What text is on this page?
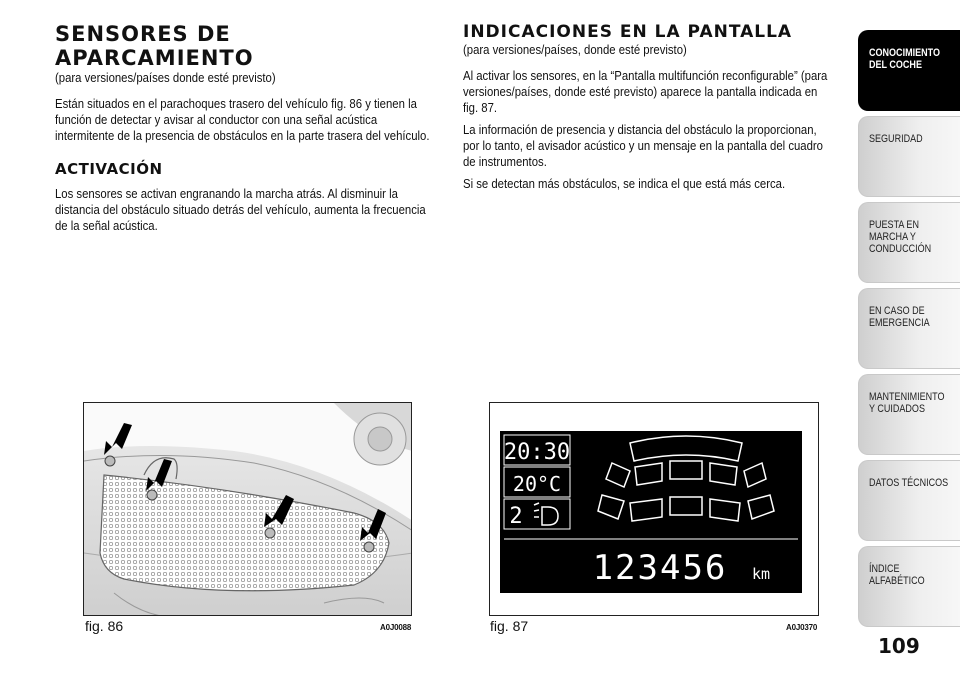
SENSORES DE APARCAMIENTO
(para versiones/países donde esté previsto)
Están situados en el parachoques trasero del vehículo fig. 86 y tienen la función de detectar y avisar al conductor con una señal acústica intermitente de la presencia de obstáculos en la parte trasera del vehículo.
ACTIVACIÓN
Los sensores se activan engranando la marcha atrás. Al disminuir la distancia del obstáculo situado detrás del vehículo, aumenta la frecuencia de la señal acústica.
INDICACIONES EN LA PANTALLA
(para versiones/países, donde esté previsto)
Al activar los sensores, en la “Pantalla multifunción reconfigurable” (para versiones/países, donde esté previsto) aparece la pantalla indicada en fig. 87.
La información de presencia y distancia del obstáculo la proporcionan, por lo tanto, el avisador acústico y un mensaje en la pantalla del cuadro de instrumentos.
Si se detectan más obstáculos, se indica el que está más cerca.
fig. 86	A0J0088
20:30
20°C
2
123456 km
fig. 87	A0J0370
CONOCIMIENTO DEL COCHE
SEGURIDAD
PUESTA EN MARCHA Y CONDUCCIÓN
EN CASO DE EMERGENCIA
MANTENIMIENTO Y CUIDADOS
DATOS TÉCNICOS
ÍNDICE ALFABÉTICO
109
